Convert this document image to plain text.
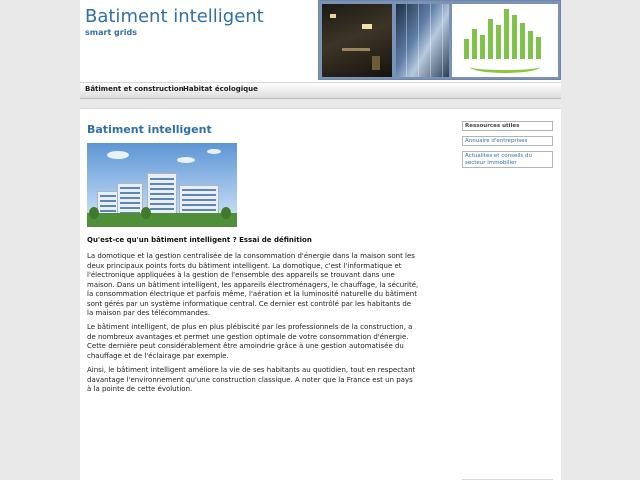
Batiment intelligent
smart grids
Bâtiment et construction Habitat écologique
Batiment intelligent
Qu'est-ce qu'un bâtiment intelligent ? Essai de définition
La domotique et la gestion centralisée de la consommation d'énergie dans la maison sont les
deux principaux points forts du bâtiment intelligent. La domotique, c'est l'informatique et
l'électronique appliquées à la gestion de l'ensemble des appareils se trouvant dans une
maison. Dans un bâtiment intelligent, les appareils électroménagers, le chauffage, la sécurité,
la consommation électrique et parfois même, l'aération et la luminosité naturelle du bâtiment
sont gérés par un système informatique central. Ce dernier est contrôlé par les habitants de
la maison par des télécommandes.
Le bâtiment intelligent, de plus en plus plébiscité par les professionnels de la construction, a
de nombreux avantages et permet une gestion optimale de votre consommation d'énergie.
Cette dernière peut considérablement être amoindrie grâce à une gestion automatisée du
chauffage et de l'éclairage par exemple.
Ainsi, le bâtiment intelligent améliore la vie de ses habitants au quotidien, tout en respectant
davantage l'environnement qu'une construction classique. A noter que la France est un pays
à la pointe de cette évolution.
Ressources utiles
Annuaire d'entreprises
Actualités et conseils du
secteur immobilier
